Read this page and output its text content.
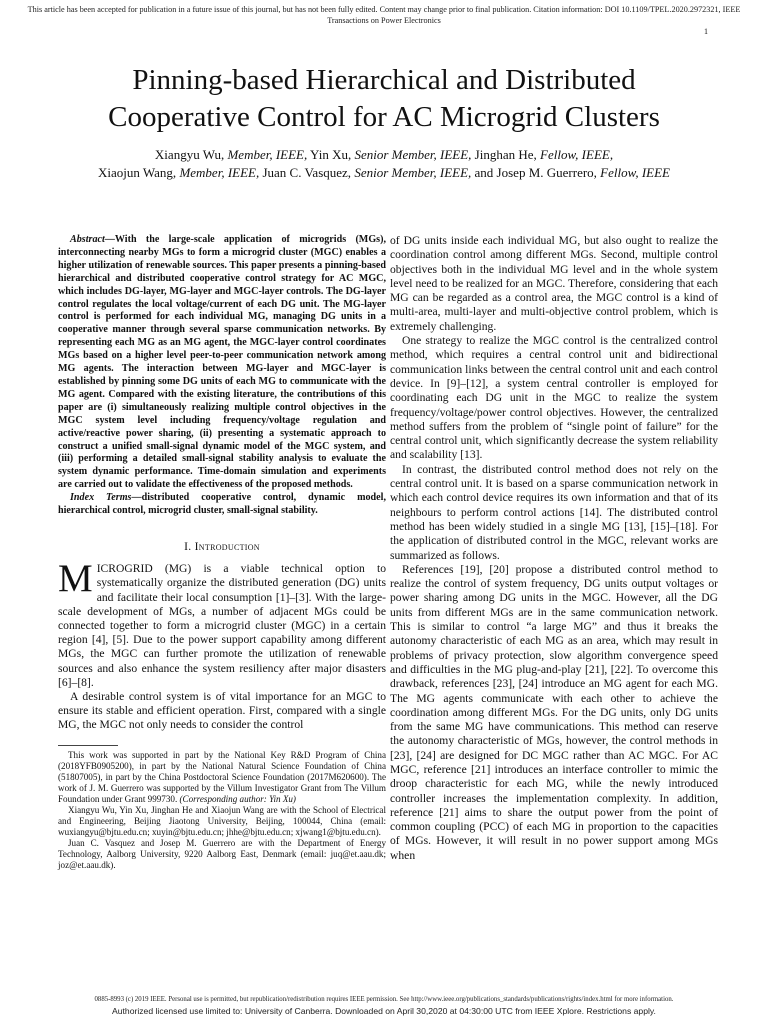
This article has been accepted for publication in a future issue of this journal, but has not been fully edited. Content may change prior to final publication. Citation information: DOI 10.1109/TPEL.2020.2972321, IEEE
Transactions on Power Electronics
1
Pinning-based Hierarchical and Distributed
Cooperative Control for AC Microgrid Clusters
Xiangyu Wu, Member, IEEE, Yin Xu, Senior Member, IEEE, Jinghan He, Fellow, IEEE,
Xiaojun Wang, Member, IEEE, Juan C. Vasquez, Senior Member, IEEE, and Josep M. Guerrero, Fellow, IEEE

Abstract—With the large-scale application of microgrids (MGs), interconnecting nearby MGs to form a microgrid cluster (MGC) enables a higher utilization of renewable sources. This paper presents a pinning-based hierarchical and distributed cooperative control strategy for AC MGC, which includes DG-layer, MG-layer and MGC-layer controls. The DG-layer control regulates the local voltage/current of each DG unit. The MG-layer control is performed for each individual MG, managing DG units in a cooperative manner through several sparse communication networks. By representing each MG as an MG agent, the MGC-layer control coordinates MGs based on a higher level peer-to-peer communication network among MG agents. The interaction between MG-layer and MGC-layer is established by pinning some DG units of each MG to communicate with the MG agent. Compared with the existing literature, the contributions of this paper are (i) simultaneously realizing multiple control objectives in the MGC system level including frequency/voltage regulation and active/reactive power sharing, (ii) presenting a systematic approach to construct a unified small-signal dynamic model of the MGC system, and (iii) performing a detailed small-signal stability analysis to evaluate the system dynamic performance. Time-domain simulation and experiments are carried out to validate the effectiveness of the proposed methods.

Index Terms—distributed cooperative control, dynamic model, hierarchical control, microgrid cluster, small-signal stability.

I. Introduction

MICROGRID (MG) is a viable technical option to systematically organize the distributed generation (DG) units and facilitate their local consumption [1]–[3]. With the large-scale development of MGs, a number of adjacent MGs could be connected together to form a microgrid cluster (MGC) in a certain region [4], [5]. Due to the power support capability among different MGs, the MGC can further promote the utilization of renewable sources and also enhance the system resiliency after major disasters [6]–[8].

A desirable control system is of vital importance for an MGC to ensure its stable and efficient operation. First, compared with a single MG, the MGC not only needs to consider the control

This work was supported in part by the National Key R&D Program of China (2018YFB0905200), in part by the National Natural Science Foundation of China (51807005), in part by the China Postdoctoral Science Foundation (2017M620600). The work of J. M. Guerrero was supported by the Villum Investigator Grant from The Villum Foundation under Grant 999730. (Corresponding author: Yin Xu)

Xiangyu Wu, Yin Xu, Jinghan He and Xiaojun Wang are with the School of Electrical and Engineering, Beijing Jiaotong University, Beijing, 100044, China (email: wuxiangyu@bjtu.edu.cn; xuyin@bjtu.edu.cn; jhhe@bjtu.edu.cn; xjwang1@bjtu.edu.cn).

Juan C. Vasquez and Josep M. Guerrero are with the Department of Energy Technology, Aalborg University, 9220 Aalborg East, Denmark (email: juq@et.aau.dk; joz@et.aau.dk).

of DG units inside each individual MG, but also ought to realize the coordination control among different MGs. Second, multiple control objectives both in the individual MG level and in the whole system level need to be realized for an MGC. Therefore, considering that each MG can be regarded as a control area, the MGC control is a kind of multi-area, multi-layer and multi-objective control problem, which is extremely challenging.

One strategy to realize the MGC control is the centralized control method, which requires a central control unit and bidirectional communication links between the central control unit and each control device. In [9]–[12], a system central controller is employed for coordinating each DG unit in the MGC to realize the system frequency/voltage/power control objectives. However, the centralized method suffers from the problem of “single point of failure” for the central control unit, which significantly decrease the system reliability and scalability [13].

In contrast, the distributed control method does not rely on the central control unit. It is based on a sparse communication network in which each control device requires its own information and that of its neighbours to perform control actions [14]. The distributed control method has been widely studied in a single MG [13], [15]–[18]. For the application of distributed control in the MGC, relevant works are summarized as follows.

References [19], [20] propose a distributed control method to realize the control of system frequency, DG units output voltages or power sharing among DG units in the MGC. However, all the DG units from different MGs are in the same communication network. This is similar to control “a large MG” and thus it breaks the autonomy characteristic of each MG as an area, which may result in problems of privacy protection, slow algorithm convergence speed and difficulties in the MG plug-and-play [21], [22]. To overcome this drawback, references [23], [24] introduce an MG agent for each MG. The MG agents communicate with each other to achieve the coordination among different MGs. For the DG units, only DG units from the same MG have communications. This method can reserve the autonomy characteristic of MGs, however, the control methods in [23], [24] are designed for DC MGC rather than AC MGC. For AC MGC, reference [21] introduces an interface controller to mimic the droop characteristic for each MG, while the newly introduced controller increases the implementation complexity. In addition, reference [21] aims to share the output power from the point of common coupling (PCC) of each MG in proportion to the capacities of MGs. However, it will result in no power support among MGs when

0885-8993 (c) 2019 IEEE. Personal use is permitted, but republication/redistribution requires IEEE permission. See http://www.ieee.org/publications_standards/publications/rights/index.html for more information.
Authorized licensed use limited to: University of Canberra. Downloaded on April 30,2020 at 04:30:00 UTC from IEEE Xplore. Restrictions apply.
